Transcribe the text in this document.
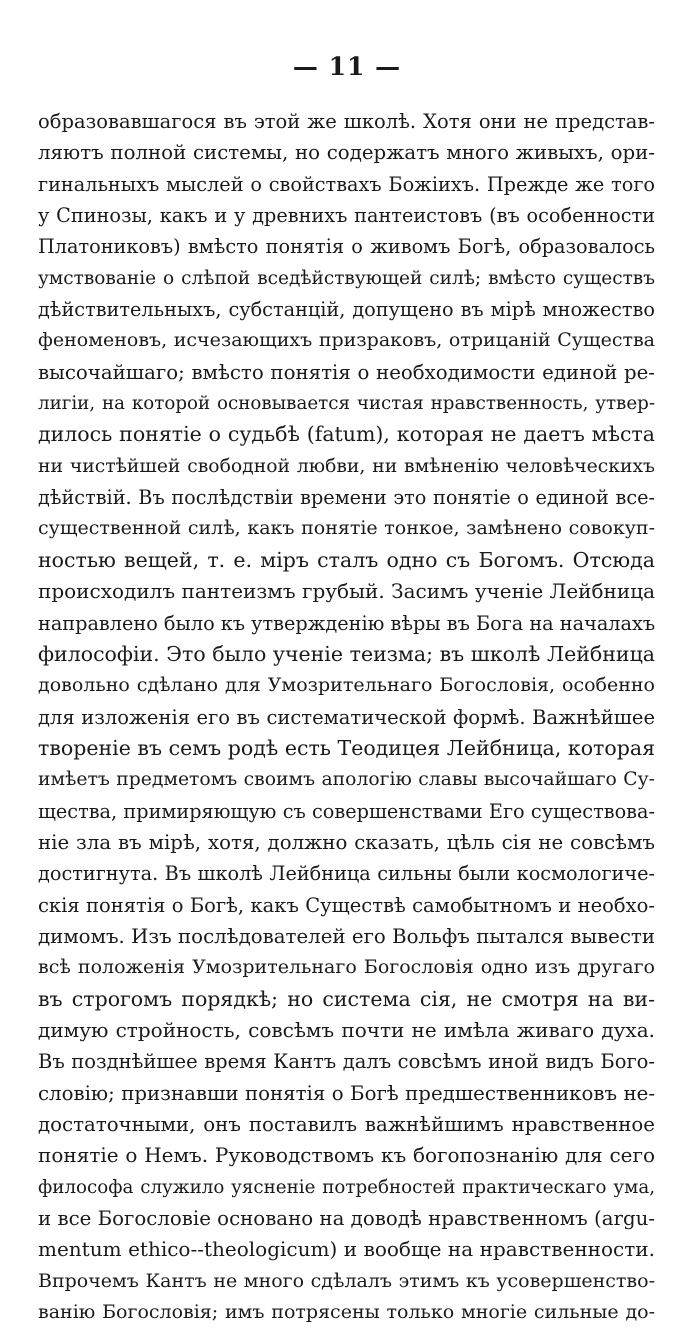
— 11 —
образовавшагося въ этой же школѣ. Хотя они не представ-
ляютъ полной системы, но содержатъ много живыхъ, ори-
гинальныхъ мыслей о свойствахъ Божіихъ. Прежде же того
у Спинозы, какъ и у древнихъ пантеистовъ (въ особенности
Платониковъ) вмѣсто понятія о живомъ Богѣ, образовалось
умствованіе о слѣпой вседѣйствующей силѣ; вмѣсто существъ
дѣйствительныхъ, субстанцій, допущено въ мірѣ множество
феноменовъ, исчезающихъ призраковъ, отрицаній Существа
высочайшаго; вмѣсто понятія о необходимости единой ре-
лигіи, на которой основывается чистая нравственность, утвер-
дилось понятіе о судьбѣ (fatum), которая не даетъ мѣста
ни чистѣйшей свободной любви, ни вмѣненію человѣческихъ
дѣйствій. Въ послѣдствіи времени это понятіе о единой все-
существенной силѣ, какъ понятіе тонкое, замѣнено совокуп-
ностью вещей, т. е. міръ сталъ одно съ Богомъ. Отсюда
происходилъ пантеизмъ грубый. Засимъ ученіе Лейбница
направлено было къ утвержденію вѣры въ Бога на началахъ
философіи. Это было ученіе теизма; въ школѣ Лейбница
довольно сдѣлано для Умозрительнаго Богословія, особенно
для изложенія его въ систематической формѣ. Важнѣйшее
твореніе въ семъ родѣ есть Теодицея Лейбница, которая
имѣетъ предметомъ своимъ апологію славы высочайшаго Су-
щества, примиряющую съ совершенствами Его существова-
ніе зла въ мірѣ, хотя, должно сказать, цѣль сія не совсѣмъ
достигнута. Въ школѣ Лейбница сильны были космологиче-
скія понятія о Богѣ, какъ Существѣ самобытномъ и необхо-
димомъ. Изъ послѣдователей его Вольфъ пытался вывести
всѣ положенія Умозрительнаго Богословія одно изъ другаго
въ строгомъ порядкѣ; но система сія, не смотря на ви-
димую стройность, совсѣмъ почти не имѣла живаго духа.
Въ позднѣйшее время Кантъ далъ совсѣмъ иной видъ Бого-
словію; признавши понятія о Богѣ предшественниковъ не-
достаточными, онъ поставилъ важнѣйшимъ нравственное
понятіе о Немъ. Руководствомъ къ богопознанію для сего
философа служило уясненіе потребностей практическаго ума,
и все Богословіе основано на доводѣ нравственномъ (argu-
mentum ethico--theologicum) и вообще на нравственности.
Впрочемъ Кантъ не много сдѣлалъ этимъ къ усовершенство-
ванію Богословія; имъ потрясены только многіе сильные до-
